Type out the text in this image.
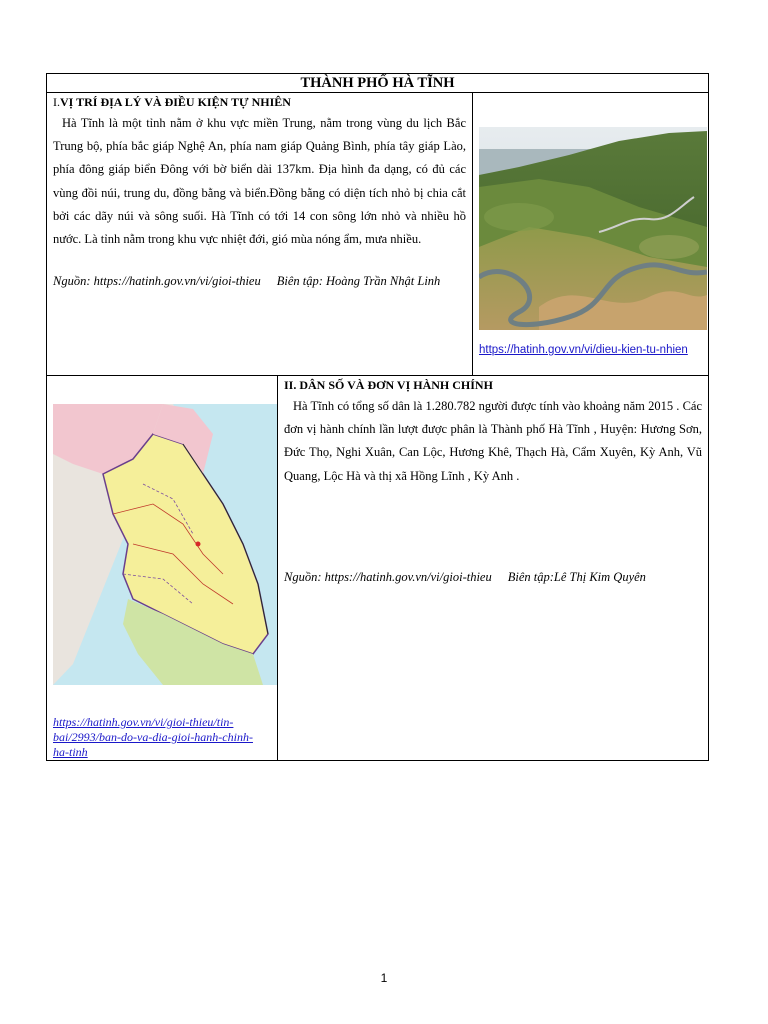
THÀNH PHỐ HÀ TĨNH		

I.VỊ TRÍ ĐỊA LÝ VÀ ĐIỀU KIỆN TỰ NHIÊN

Hà Tĩnh là một tỉnh nằm ở khu vực miền Trung, nằm trong vùng du lịch Bắc Trung bộ, phía bắc giáp Nghệ An, phía nam giáp Quảng Bình, phía tây giáp Lào, phía đông giáp biển Đông với bờ biển dài 137km. Địa hình đa dạng, có đủ các vùng đồi núi, trung du, đồng bằng và biển.Đồng bằng có diện tích nhỏ bị chia cắt bởi các dãy núi và sông suối. Hà Tĩnh có tới 14 con sông lớn nhỏ và nhiều hồ nước. Là tỉnh nằm trong khu vực nhiệt đới, gió mùa nóng ẩm, mưa nhiều.

Nguồn: https://hatinh.gov.vn/vi/gioi-thieu Biên tập: Hoàng Trần Nhật Linh		https://hatinh.gov.vn/vi/dieu-kien-tu-nhien

https://hatinh.gov.vn/vi/gioi-thieu/tin-bai/2993/ban-do-va-dia-gioi-hanh-chinh-ha-tinh	II. DÂN SỐ VÀ ĐƠN VỊ HÀNH CHÍNH

Hà Tĩnh có tổng số dân là 1.280.782 người được tính vào khoảng năm 2015 . Các đơn vị hành chính lần lượt được phân là Thành phố Hà Tĩnh , Huyện: Hương Sơn, Đức Thọ, Nghi Xuân, Can Lộc, Hương Khê, Thạch Hà, Cẩm Xuyên, Kỳ Anh, Vũ Quang, Lộc Hà và thị xã Hồng Lĩnh , Kỳ Anh .

Nguồn: https://hatinh.gov.vn/vi/gioi-thieu Biên tập:Lê Thị Kim Quyên	
1
